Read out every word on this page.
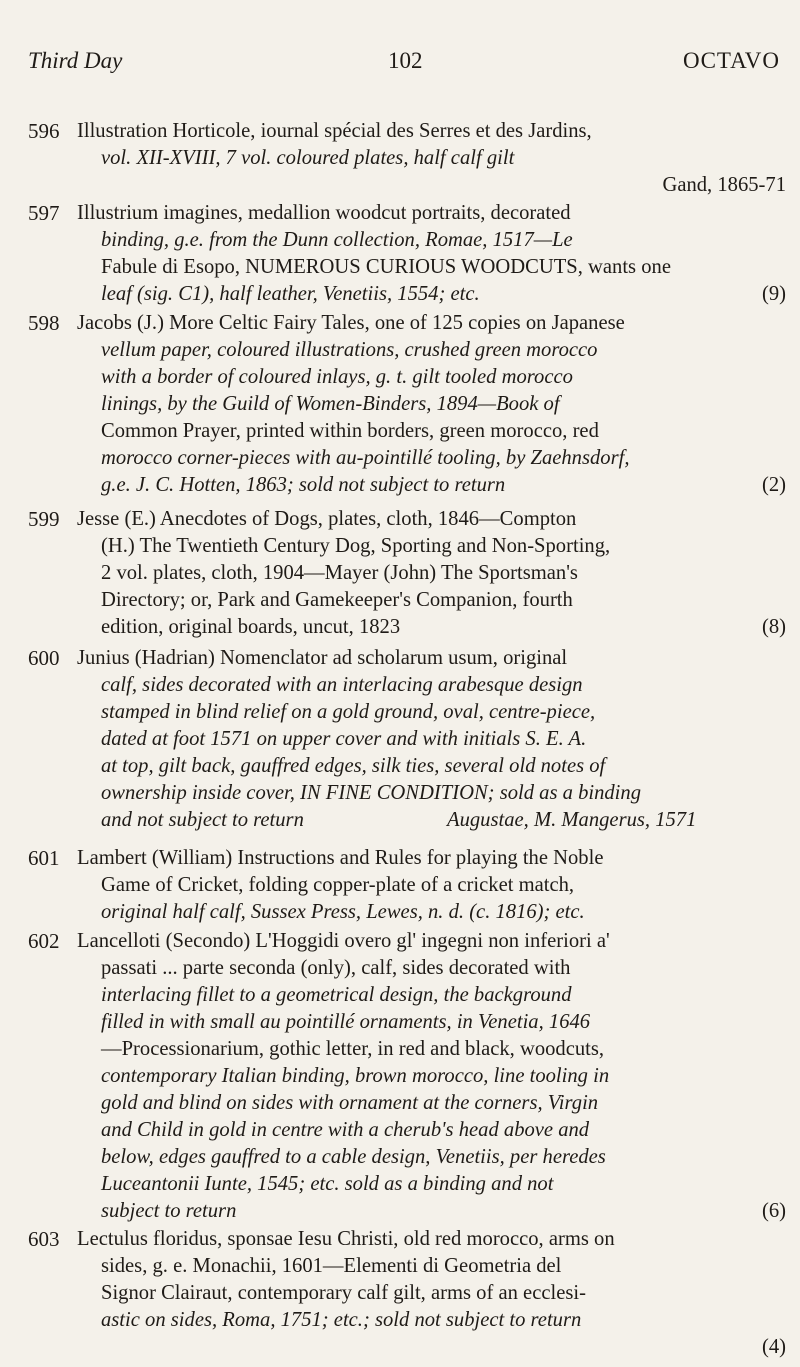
Third Day	102	OCTAVO
596 Illustration Horticole, iournal spécial des Serres et des Jardins,
vol. XII-XVIII, 7 vol. coloured plates, half calf gilt
Gand, 1865-71
597 Illustrium imagines, medallion woodcut portraits, decorated
binding, g.e. from the Dunn collection, Romae, 1517—Le
Fabule di Esopo, NUMEROUS CURIOUS WOODCUTS, wants one
leaf (sig. C1), half leather, Venetiis, 1554; etc.	(9)
598 Jacobs (J.) More Celtic Fairy Tales, one of 125 copies on Japanese
vellum paper, coloured illustrations, crushed green morocco
with a border of coloured inlays, g. t. gilt tooled morocco
linings, by the Guild of Women-Binders, 1894—Book of
Common Prayer, printed within borders, green morocco, red
morocco corner-pieces with au-pointillé tooling, by Zaehnsdorf,
g.e. J. C. Hotten, 1863; sold not subject to return	(2)
599 Jesse (E.) Anecdotes of Dogs, plates, cloth, 1846—Compton
(H.) The Twentieth Century Dog, Sporting and Non-Sporting,
2 vol. plates, cloth, 1904—Mayer (John) The Sportsman's
Directory; or, Park and Gamekeeper's Companion, fourth
edition, original boards, uncut, 1823	(8)
600 Junius (Hadrian) Nomenclator ad scholarum usum, original
calf, sides decorated with an interlacing arabesque design
stamped in blind relief on a gold ground, oval, centre-piece,
dated at foot 1571 on upper cover and with initials S. E. A.
at top, gilt back, gauffred edges, silk ties, several old notes of
ownership inside cover, IN FINE CONDITION; sold as a binding
and not subject to return	Augustae, M. Mangerus, 1571
601 Lambert (William) Instructions and Rules for playing the Noble
Game of Cricket, folding copper-plate of a cricket match,
original half calf, Sussex Press, Lewes, n. d. (c. 1816); etc.
602 Lancelloti (Secondo) L'Hoggidi overo gl' ingegni non inferiori a'
passati ... parte seconda (only), calf, sides decorated with
interlacing fillet to a geometrical design, the background
filled in with small au pointillé ornaments, in Venetia, 1646
—Processionarium, gothic letter, in red and black, woodcuts,
contemporary Italian binding, brown morocco, line tooling in
gold and blind on sides with ornament at the corners, Virgin
and Child in gold in centre with a cherub's head above and
below, edges gauffred to a cable design, Venetiis, per heredes
Luceantonii Iunte, 1545; etc. sold as a binding and not
subject to return	(6)
603 Lectulus floridus, sponsae Iesu Christi, old red morocco, arms on
sides, g. e. Monachii, 1601—Elementi di Geometria del
Signor Clairaut, contemporary calf gilt, arms of an ecclesi-
astic on sides, Roma, 1751; etc.; sold not subject to return
(4)
